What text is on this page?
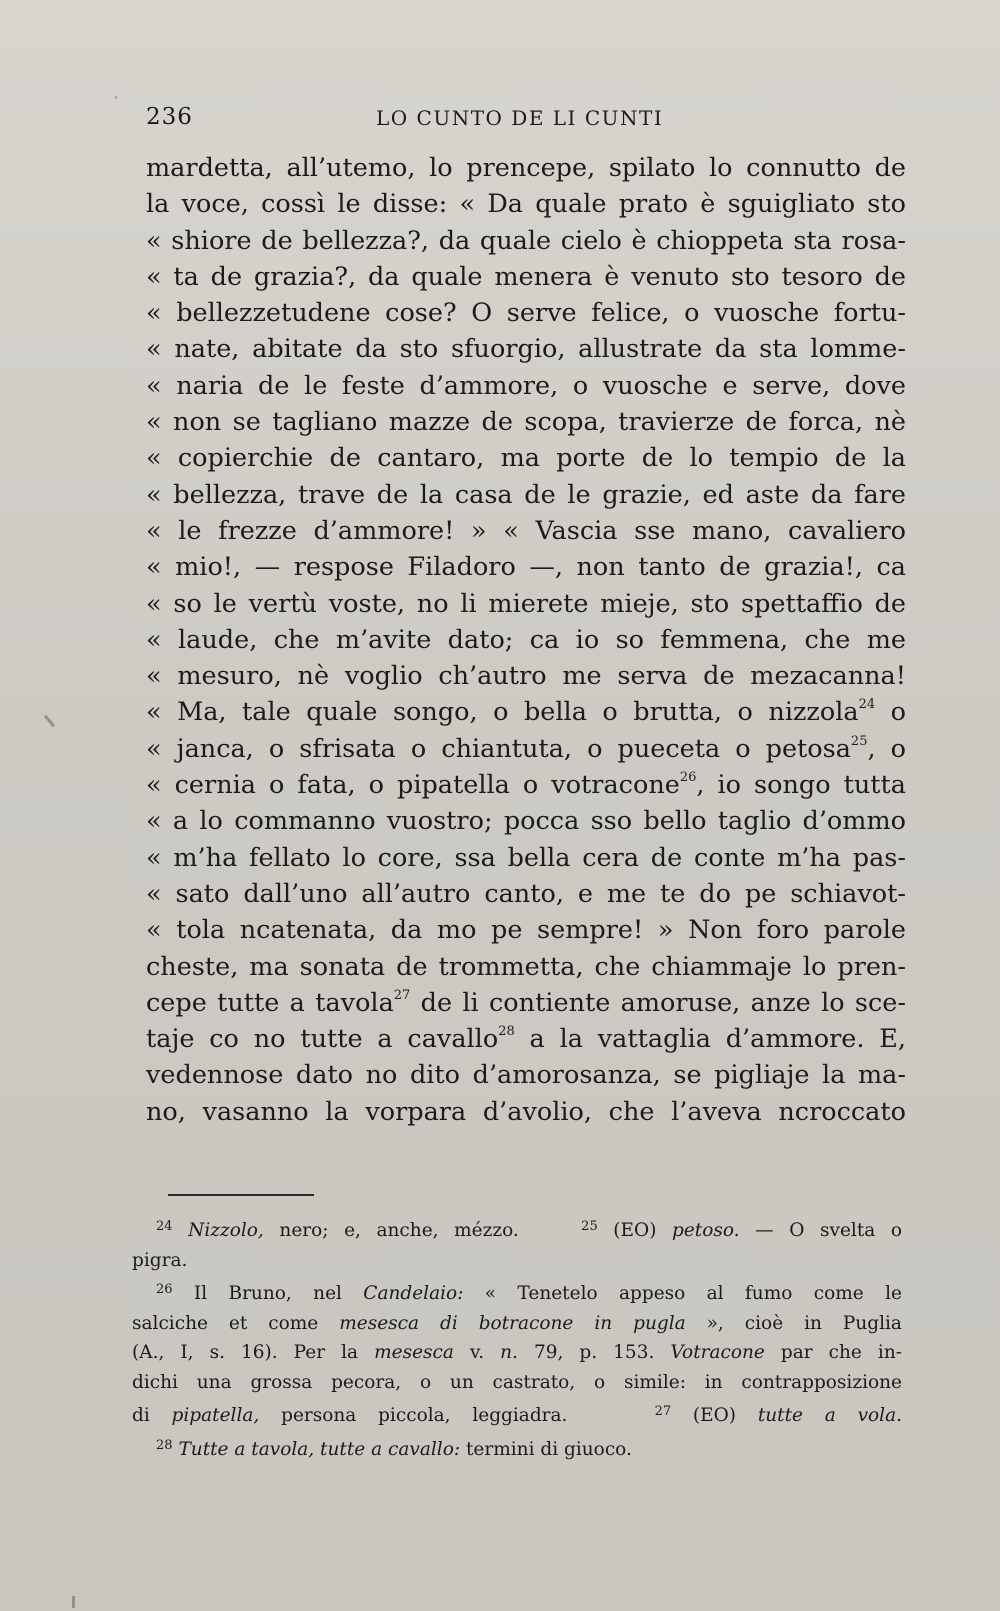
236	LO CUNTO DE LI CUNTI
mardetta, all’utemo, lo prencepe, spilato lo connutto de
la voce, cossì le disse: « Da quale prato è sguigliato sto
« shiore de bellezza?, da quale cielo è chioppeta sta rosa-
« ta de grazia?, da quale menera è venuto sto tesoro de
« bellezzetudene cose? O serve felice, o vuosche fortu-
« nate, abitate da sto sfuorgio, allustrate da sta lomme-
« naria de le feste d’ammore, o vuosche e serve, dove
« non se tagliano mazze de scopa, travierze de forca, nè
« copierchie de cantaro, ma porte de lo tempio de la
« bellezza, trave de la casa de le grazie, ed aste da fare
« le frezze d’ammore! » « Vascia sse mano, cavaliero
« mio!, — respose Filadoro —, non tanto de grazia!, ca
« so le vertù voste, no li mierete mieje, sto spettaffio de
« laude, che m’avite dato; ca io so femmena, che me
« mesuro, nè voglio ch’autro me serva de mezacanna!
« Ma, tale quale songo, o bella o brutta, o nizzola$^{24}$ o
« janca, o sfrisata o chiantuta, o pueceta o petosa$^{25}$, o
« cernia o fata, o pipatella o votracone$^{26}$, io songo tutta
« a lo commanno vuostro; pocca sso bello taglio d’ommo
« m’ha fellato lo core, ssa bella cera de conte m’ha pas-
« sato dall’uno all’autro canto, e me te do pe schiavot-
« tola ncatenata, da mo pe sempre! » Non foro parole
cheste, ma sonata de trommetta, che chiammaje lo pren-
cepe tutte a tavola$^{27}$ de li contiente amoruse, anze lo sce-
taje co no tutte a cavallo$^{28}$ a la vattaglia d’ammore. E,
vedennose dato no dito d’amorosanza, se pigliaje la ma-
no, vasanno la vorpara d’avolio, che l’aveva ncroccato
$^{24}$ Nizzolo, nero; e, anche, mézzo.	$^{25}$ (EO) petoso. — O svelta o
pigra.
$^{26}$ Il Bruno, nel Candelaio: « Tenetelo appeso al fumo come le
salciche et come mesesca di botracone in pugla », cioè in Puglia
(A., I, s. 16). Per la mesesca v. n. 79, p. 153. Votracone par che in-
dichi una grossa pecora, o un castrato, o simile: in contrapposizione
di pipatella, persona piccola, leggiadra.	$^{27}$ (EO) tutte a vola.
$^{28}$ Tutte a tavola, tutte a cavallo: termini di giuoco.
